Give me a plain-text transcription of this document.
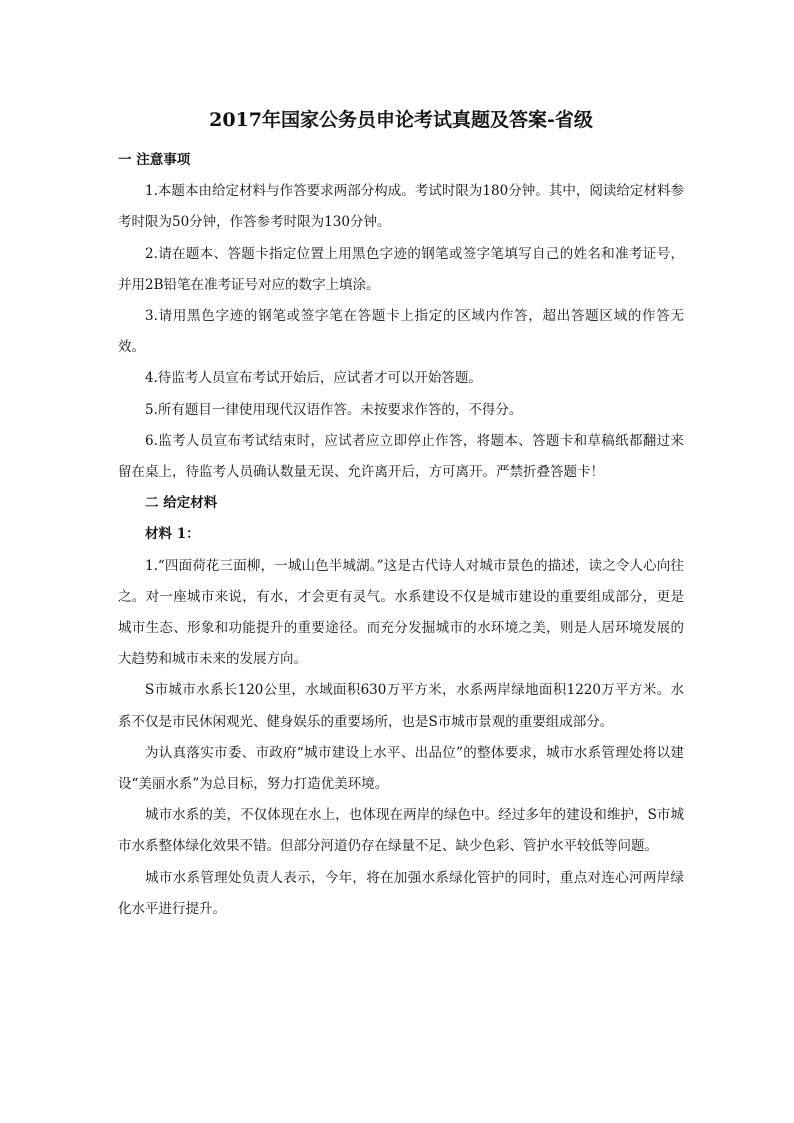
2017年国家公务员申论考试真题及答案-省级

一 注意事项

1.本题本由给定材料与作答要求两部分构成。考试时限为180分钟。其中，阅读给定材料参考时限为50分钟，作答参考时限为130分钟。

2.请在题本、答题卡指定位置上用黑色字迹的钢笔或签字笔填写自己的姓名和准考证号，并用2B铅笔在准考证号对应的数字上填涂。

3.请用黑色字迹的钢笔或签字笔在答题卡上指定的区域内作答，超出答题区域的作答无效。

4.待监考人员宣布考试开始后，应试者才可以开始答题。

5.所有题目一律使用现代汉语作答。未按要求作答的，不得分。

6.监考人员宣布考试结束时，应试者应立即停止作答，将题本、答题卡和草稿纸都翻过来留在桌上，待监考人员确认数量无误、允许离开后，方可离开。严禁折叠答题卡！

二 给定材料

材料 1：

1.“四面荷花三面柳，一城山色半城湖。”这是古代诗人对城市景色的描述，读之令人心向往之。对一座城市来说，有水，才会更有灵气。水系建设不仅是城市建设的重要组成部分，更是城市生态、形象和功能提升的重要途径。而充分发掘城市的水环境之美，则是人居环境发展的大趋势和城市未来的发展方向。

S市城市水系长120公里，水域面积630万平方米，水系两岸绿地面积1220万平方米。水系不仅是市民休闲观光、健身娱乐的重要场所，也是S市城市景观的重要组成部分。

为认真落实市委、市政府“城市建设上水平、出品位”的整体要求，城市水系管理处将以建设“美丽水系”为总目标，努力打造优美环境。

城市水系的美，不仅体现在水上，也体现在两岸的绿色中。经过多年的建设和维护，S市城市水系整体绿化效果不错。但部分河道仍存在绿量不足、缺少色彩、管护水平较低等问题。

城市水系管理处负责人表示，今年，将在加强水系绿化管护的同时，重点对连心河两岸绿化水平进行提升。
